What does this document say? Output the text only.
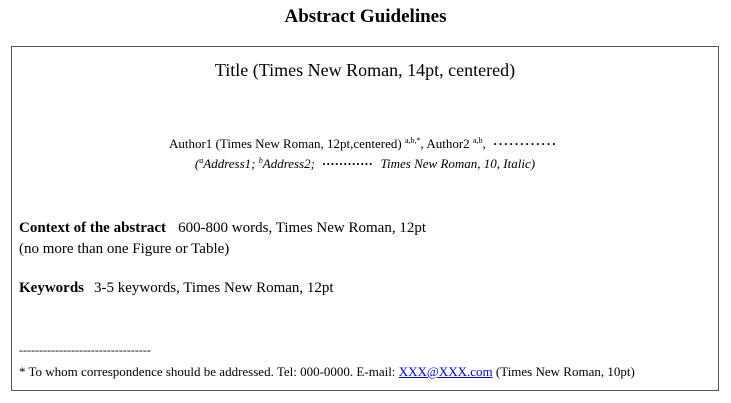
Abstract Guidelines
Title (Times New Roman, 14pt, centered)
Author1 (Times New Roman, 12pt,centered) $^{a,b,*}$, Author2 $^{a,b}$, ············
($^a$Address1; $^b$Address2; ············ Times New Roman, 10, Italic)
Context of the abstract 600-800 words, Times New Roman, 12pt
(no more than one Figure or Table)
Keywords 3-5 keywords, Times New Roman, 12pt
---------------------------------
* To whom correspondence should be addressed. Tel: 000-0000. E-mail: XXX@XXX.com (Times New Roman, 10pt)
